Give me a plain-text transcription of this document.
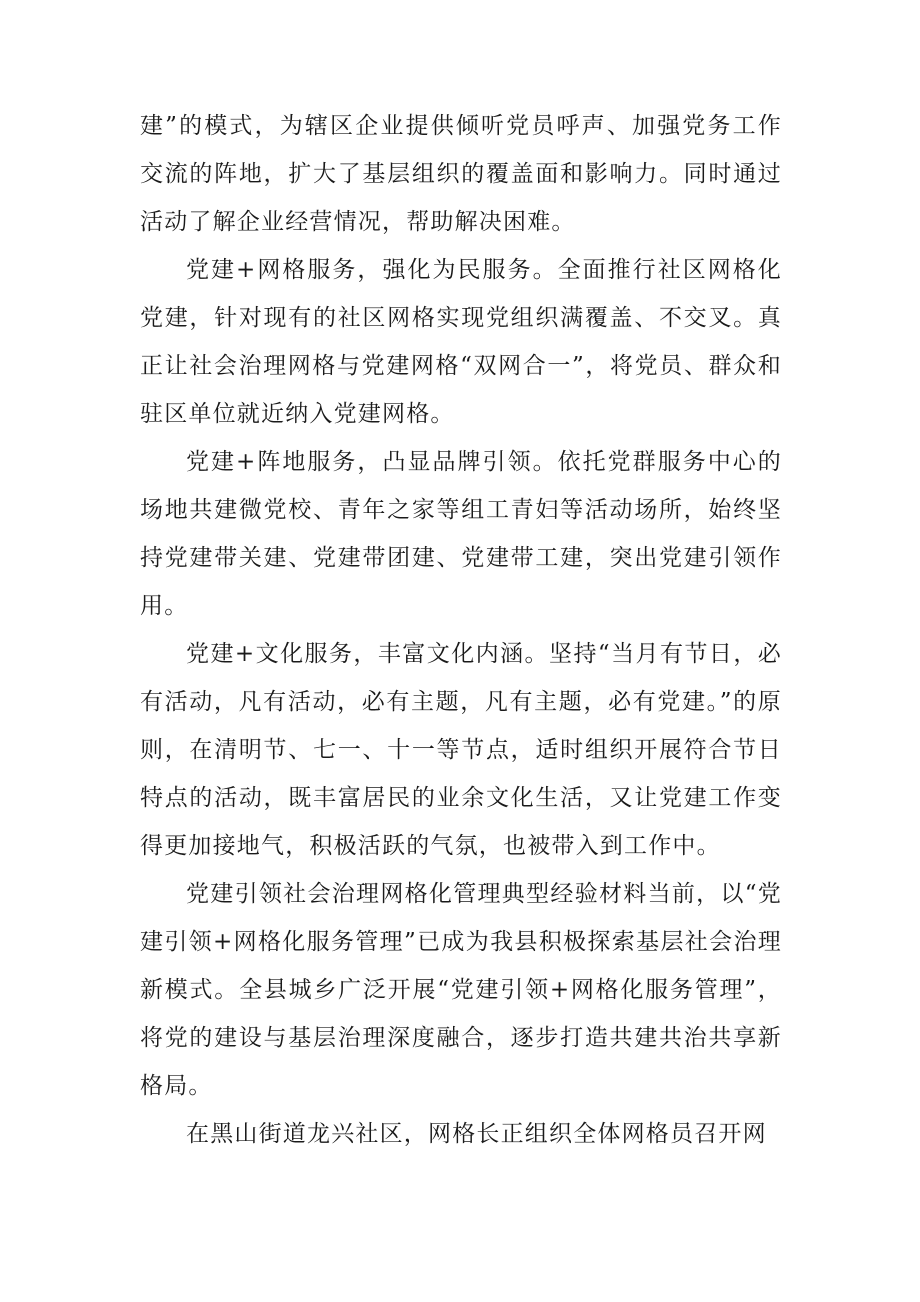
建”的模式，为辖区企业提供倾听党员呼声、加强党务工作交流的阵地，扩大了基层组织的覆盖面和影响力。同时通过活动了解企业经营情况，帮助解决困难。

党建+网格服务，强化为民服务。全面推行社区网格化党建，针对现有的社区网格实现党组织满覆盖、不交叉。真正让社会治理网格与党建网格“双网合一”，将党员、群众和驻区单位就近纳入党建网格。

党建+阵地服务，凸显品牌引领。依托党群服务中心的场地共建微党校、青年之家等组工青妇等活动场所，始终坚持党建带关建、党建带团建、党建带工建，突出党建引领作用。

党建+文化服务，丰富文化内涵。坚持“当月有节日，必有活动，凡有活动，必有主题，凡有主题，必有党建。”的原则，在清明节、七一、十一等节点，适时组织开展符合节日特点的活动，既丰富居民的业余文化生活，又让党建工作变得更加接地气，积极活跃的气氛，也被带入到工作中。

党建引领社会治理网格化管理典型经验材料当前，以“党建引领+网格化服务管理”已成为我县积极探索基层社会治理新模式。全县城乡广泛开展“党建引领+网格化服务管理”，将党的建设与基层治理深度融合，逐步打造共建共治共享新格局。

在黑山街道龙兴社区，网格长正组织全体网格员召开网
